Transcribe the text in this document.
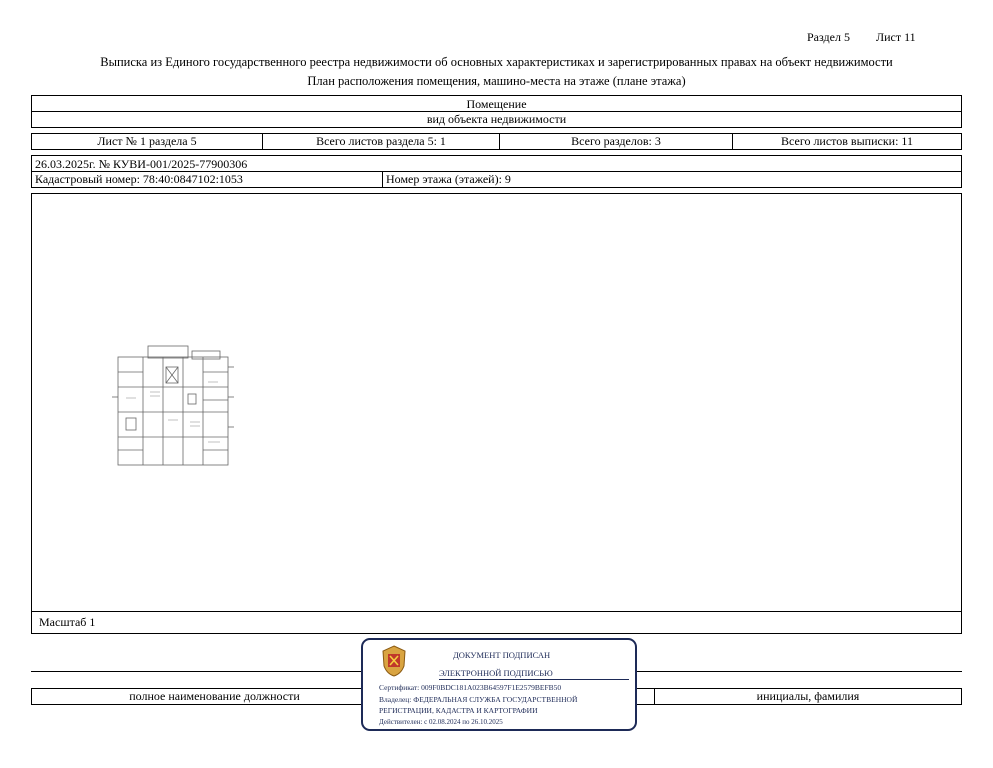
Раздел 5 Лист 11
Выписка из Единого государственного реестра недвижимости об основных характеристиках и зарегистрированных правах на объект недвижимости
План расположения помещения, машино-места на этаже (плане этажа)
Помещение
вид объекта недвижимости
Лист № 1 раздела 5	Всего листов раздела 5: 1	Всего разделов: 3	Всего листов выписки: 11
26.03.2025г. № КУВИ-001/2025-77900306
Кадастровый номер: 78:40:0847102:1053	Номер этажа (этажей): 9
Масштаб 1
полное наименование должности	инициалы, фамилия
ДОКУМЕНТ ПОДПИСАН
ЭЛЕКТРОННОЙ ПОДПИСЬЮ
Сертификат: 009F0BDC181A023B64597F1E2579BEFB50
Владелец: ФЕДЕРАЛЬНАЯ СЛУЖБА ГОСУДАРСТВЕННОЙ
РЕГИСТРАЦИИ, КАДАСТРА И КАРТОГРАФИИ
Действителен: с 02.08.2024 по 26.10.2025
